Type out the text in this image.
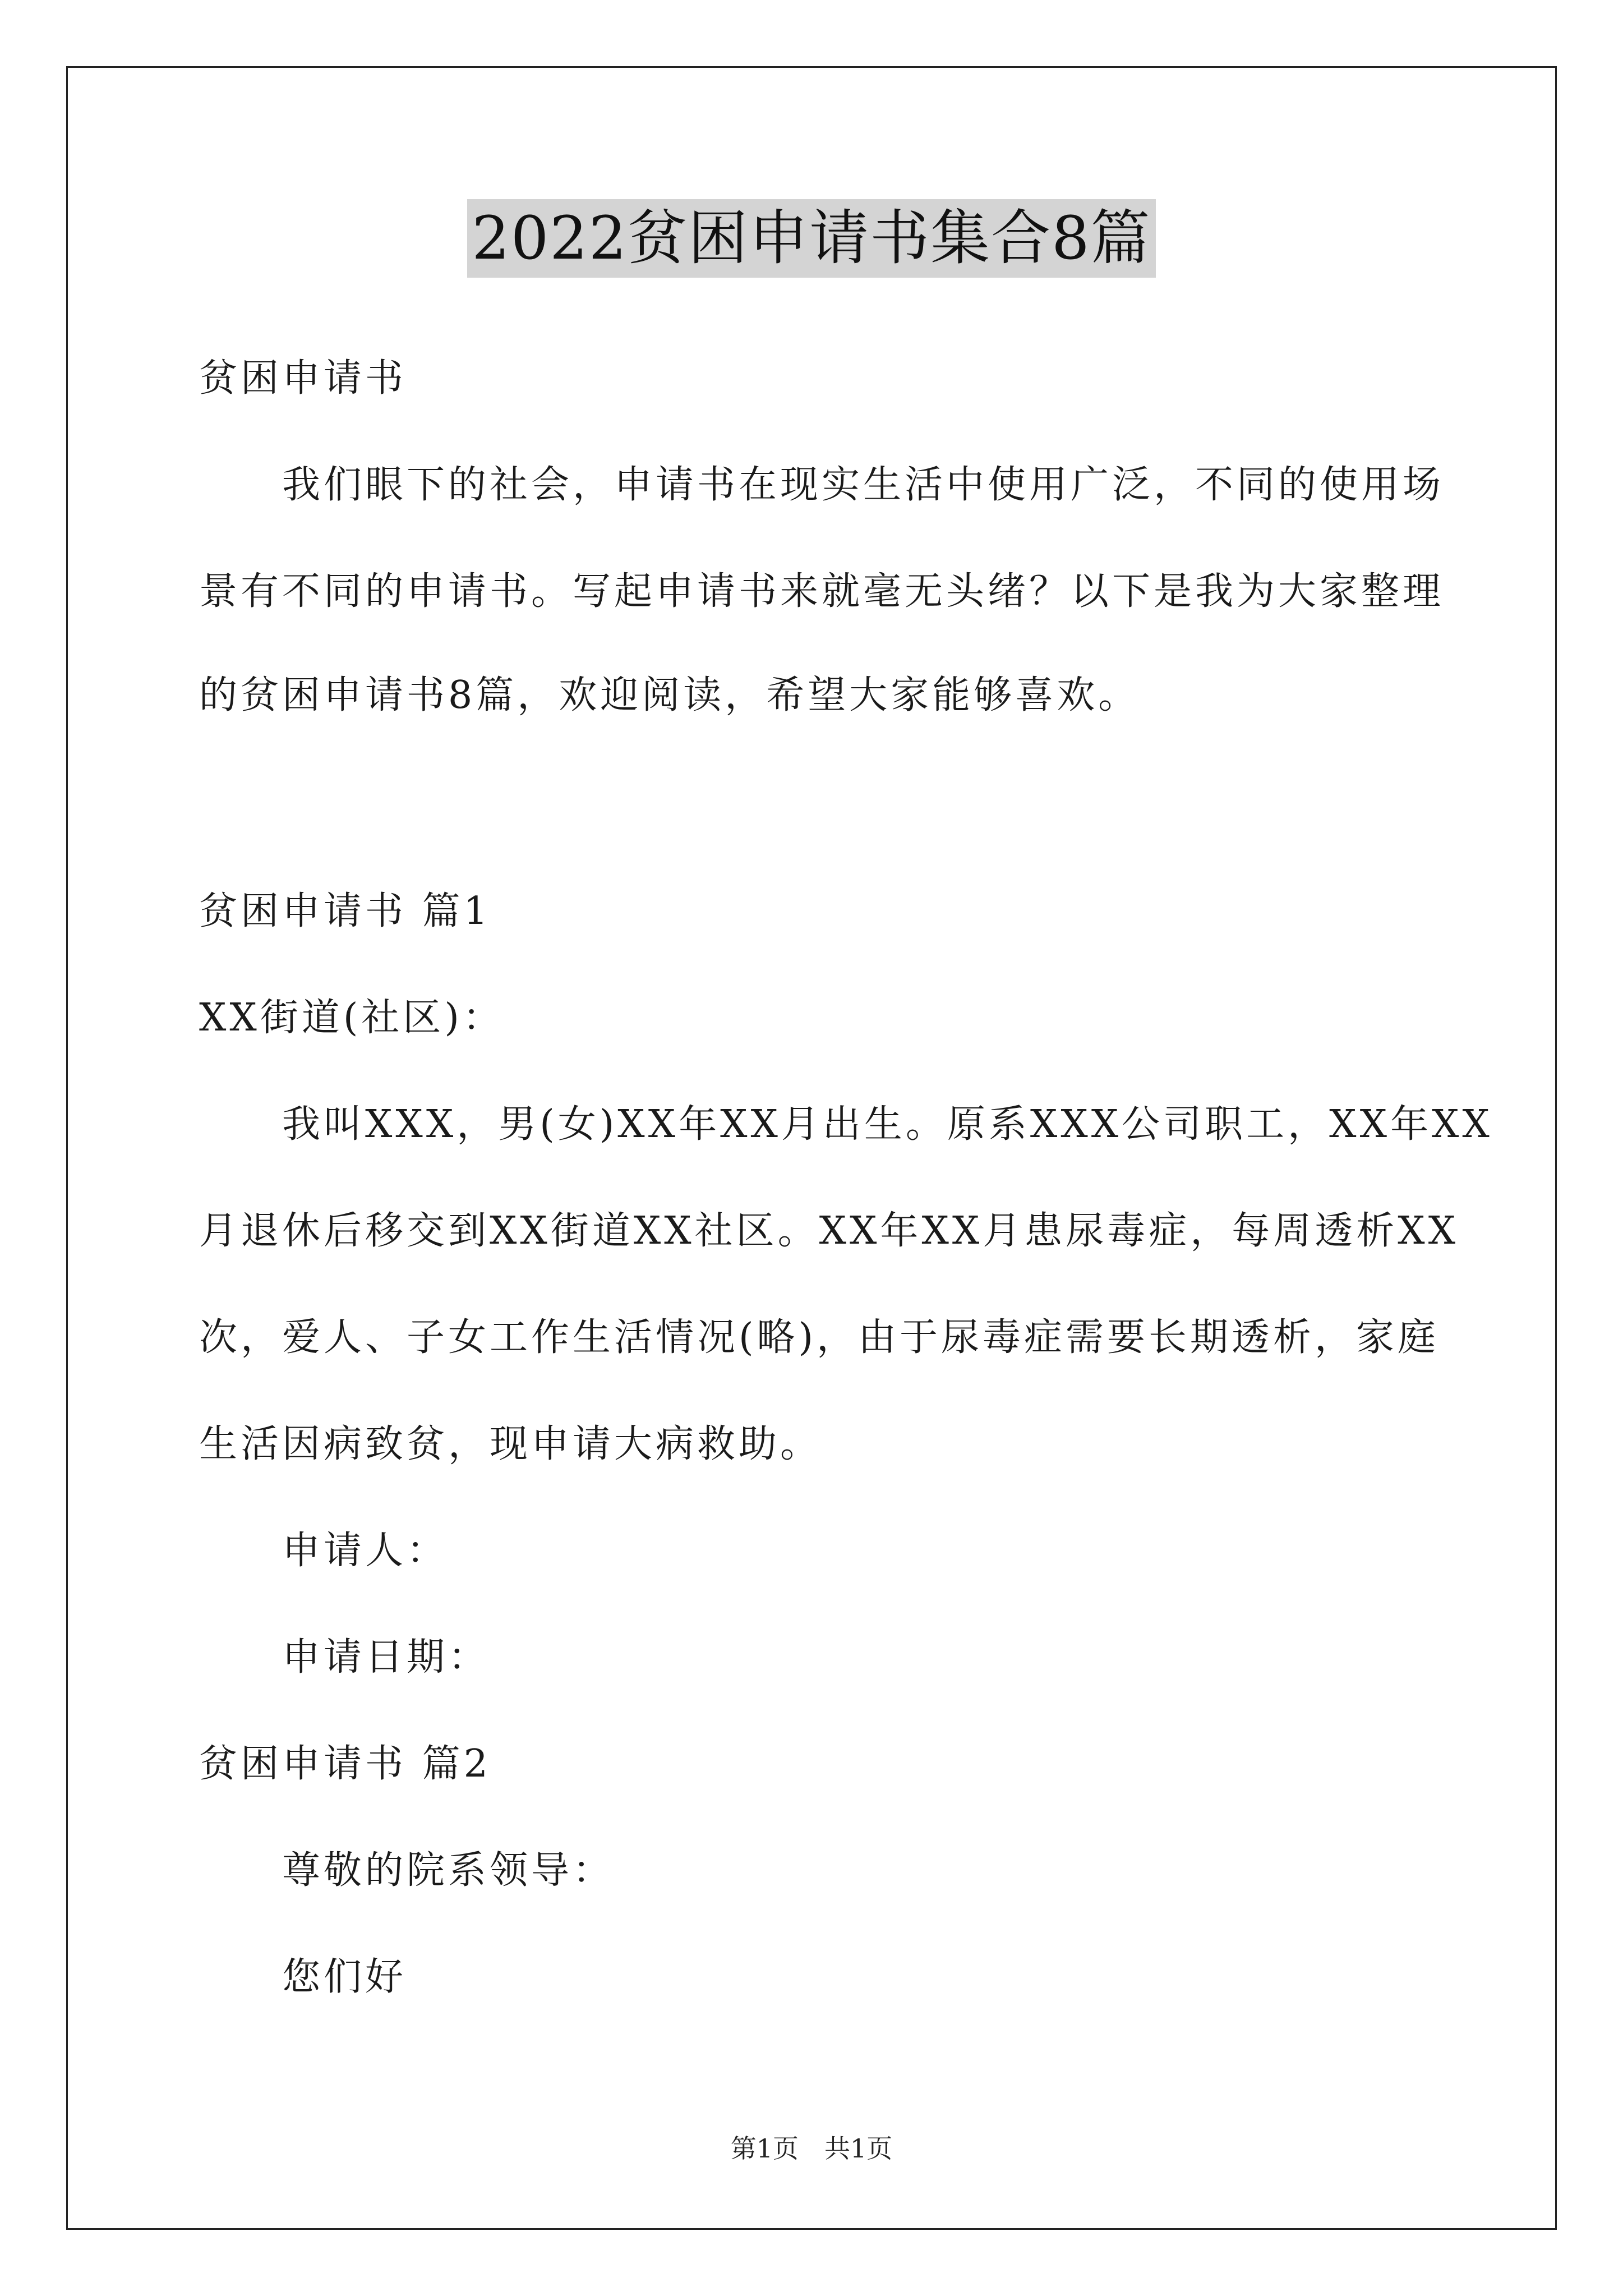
2022贫困申请书集合8篇
贫困申请书
我们眼下的社会，申请书在现实生活中使用广泛，不同的使用场
景有不同的申请书。写起申请书来就毫无头绪？以下是我为大家整理
的贫困申请书8篇，欢迎阅读，希望大家能够喜欢。
贫困申请书 篇1
XX街道(社区)：
我叫XXX，男(女)XX年XX月出生。原系XXX公司职工，XX年XX
月退休后移交到XX街道XX社区。XX年XX月患尿毒症，每周透析XX
次，爱人、子女工作生活情况(略)，由于尿毒症需要长期透析，家庭
生活因病致贫，现申请大病救助。
申请人：
申请日期：
贫困申请书 篇2
尊敬的院系领导：
您们好
第1页　共1页
